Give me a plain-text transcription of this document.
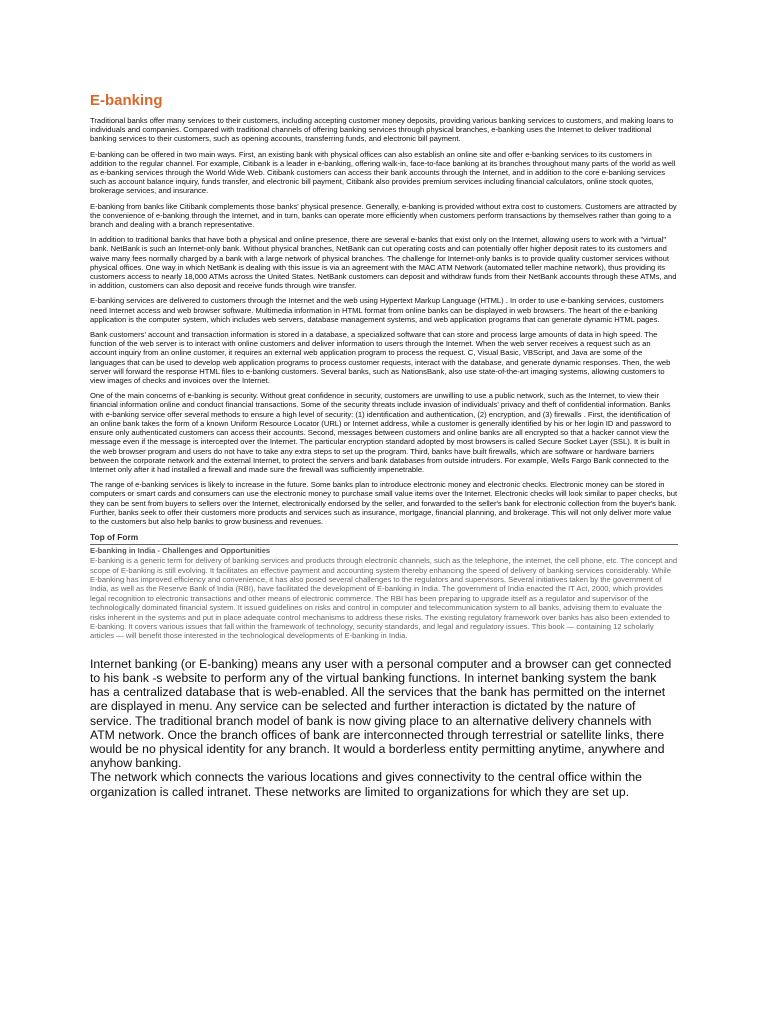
E-banking

Traditional banks offer many services to their customers, including accepting customer money deposits, providing various banking services to customers, and making loans to individuals and companies. Compared with traditional channels of offering banking services through physical branches, e-banking uses the Internet to deliver traditional banking services to their customers, such as opening accounts, transferring funds, and electronic bill payment.

E-banking can be offered in two main ways. First, an existing bank with physical offices can also establish an online site and offer e-banking services to its customers in addition to the regular channel. For example, Citibank is a leader in e-banking, offering walk-in, face-to-face banking at its branches throughout many parts of the world as well as e-banking services through the World Wide Web. Citibank customers can access their bank accounts through the Internet, and in addition to the core e-banking services such as account balance inquiry, funds transfer, and electronic bill payment, Citibank also provides premium services including financial calculators, online stock quotes, brokerage services, and insurance.

E-banking from banks like Citibank complements those banks' physical presence. Generally, e-banking is provided without extra cost to customers. Customers are attracted by the convenience of e-banking through the Internet, and in turn, banks can operate more efficiently when customers perform transactions by themselves rather than going to a branch and dealing with a branch representative.

In addition to traditional banks that have both a physical and online presence, there are several e-banks that exist only on the Internet, allowing users to work with a "virtual" bank. NetBank is such an Internet-only bank. Without physical branches, NetBank can cut operating costs and can potentially offer higher deposit rates to its customers and waive many fees normally charged by a bank with a large network of physical branches. The challenge for Internet-only banks is to provide quality customer services without physical offices. One way in which NetBank is dealing with this issue is via an agreement with the MAC ATM Network (automated teller machine network), thus providing its customers access to nearly 18,000 ATMs across the United States. NetBank customers can deposit and withdraw funds from their NetBank accounts through these ATMs, and in addition, customers can also deposit and receive funds through wire transfer.

E-banking services are delivered to customers through the Internet and the web using Hypertext Markup Language (HTML) . In order to use e-banking services, customers need Internet access and web browser software. Multimedia information in HTML format from online banks can be displayed in web browsers. The heart of the e-banking application is the computer system, which includes web servers, database management systems, and web application programs that can generate dynamic HTML pages.

Bank customers' account and transaction information is stored in a database, a specialized software that can store and process large amounts of data in high speed. The function of the web server is to interact with online customers and deliver information to users through the Internet. When the web server receives a request such as an account inquiry from an online customer, it requires an external web application program to process the request. C, Visual Basic, VBScript, and Java are some of the languages that can be used to develop web application programs to process customer requests, interact with the database, and generate dynamic responses. Then, the web server will forward the response HTML files to e-banking customers. Several banks, such as NationsBank, also use state-of-the-art imaging systems, allowing customers to view images of checks and invoices over the Internet.

One of the main concerns of e-banking is security. Without great confidence in security, customers are unwilling to use a public network, such as the Internet, to view their financial information online and conduct financial transactions. Some of the security threats include invasion of individuals' privacy and theft of confidential information. Banks with e-banking service offer several methods to ensure a high level of security: (1) identification and authentication, (2) encryption, and (3) firewalls . First, the identification of an online bank takes the form of a known Uniform Resource Locator (URL) or Internet address, while a customer is generally identified by his or her login ID and password to ensure only authenticated customers can access their accounts. Second, messages between customers and online banks are all encrypted so that a hacker cannot view the message even if the message is intercepted over the Internet. The particular encryption standard adopted by most browsers is called Secure Socket Layer (SSL). It is built in the web browser program and users do not have to take any extra steps to set up the program. Third, banks have built firewalls, which are software or hardware barriers between the corporate network and the external Internet, to protect the servers and bank databases from outside intruders. For example, Wells Fargo Bank connected to the Internet only after it had installed a firewall and made sure the firewall was sufficiently impenetrable.

The range of e-banking services is likely to increase in the future. Some banks plan to introduce electronic money and electronic checks. Electronic money can be stored in computers or smart cards and consumers can use the electronic money to purchase small value items over the Internet. Electronic checks will look similar to paper checks, but they can be sent from buyers to sellers over the Internet, electronically endorsed by the seller, and forwarded to the seller's bank for electronic collection from the buyer's bank. Further, banks seek to offer their customers more products and services such as insurance, mortgage, financial planning, and brokerage. This will not only deliver more value to the customers but also help banks to grow business and revenues.

Top of Form
E-banking in India - Challenges and Opportunities

E-banking is a generic term for delivery of banking services and products through electronic channels, such as the telephone, the internet, the cell phone, etc. The concept and scope of E-banking is still evolving. It facilitates an effective payment and accounting system thereby enhancing the speed of delivery of banking services considerably. While E-banking has improved efficiency and convenience, it has also posed several challenges to the regulators and supervisors. Several initiatives taken by the government of India, as well as the Reserve Bank of India (RBI), have facilitated the development of E-banking in India. The government of India enacted the IT Act, 2000, which provides legal recognition to electronic transactions and other means of electronic commerce. The RBI has been preparing to upgrade itself as a regulator and supervisor of the technologically dominated financial system. It issued guidelines on risks and control in computer and telecommunication system to all banks, advising them to evaluate the risks inherent in the systems and put in place adequate control mechanisms to address these risks. The existing regulatory framework over banks has also been extended to E-banking. It covers various issues that fall within the framework of technology, security standards, and legal and regulatory issues. This book — containing 12 scholarly articles — will benefit those interested in the technological developments of E-banking in India.

Internet banking (or E-banking) means any user with a personal computer and a browser can get connected to his bank -s website to perform any of the virtual banking functions. In internet banking system the bank has a centralized database that is web-enabled. All the services that the bank has permitted on the internet are displayed in menu. Any service can be selected and further interaction is dictated by the nature of service. The traditional branch model of bank is now giving place to an alternative delivery channels with ATM network. Once the branch offices of bank are interconnected through terrestrial or satellite links, there would be no physical identity for any branch. It would a borderless entity permitting anytime, anywhere and anyhow banking.

The network which connects the various locations and gives connectivity to the central office within the organization is called intranet. These networks are limited to organizations for which they are set up.
